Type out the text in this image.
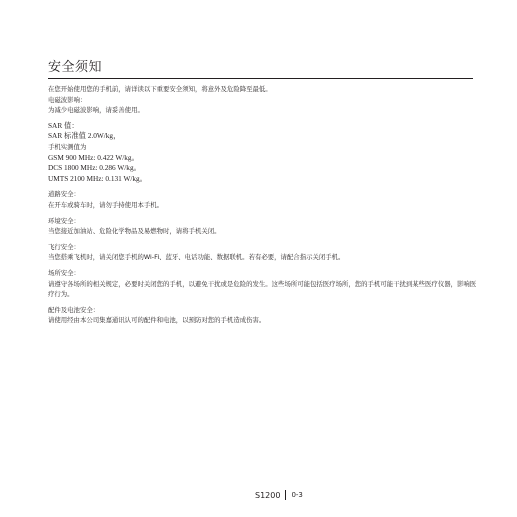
安全须知

在您开始使用您的手机前，请详读以下重要安全须知，将意外及危险降至最低。

电磁波影响：

为减少电磁波影响，请妥善使用。

SAR 值：

SAR 标准值 2.0W/kg，

手机实测值为

GSM 900 MHz: 0.422 W/kg。

DCS 1800 MHz: 0.286 W/kg。

UMTS 2100 MHz: 0.131 W/kg。

道路安全：

在开车或骑车时，请勿手持使用本手机。

环境安全：

当您接近加油站、危险化学物品及易燃物时，请将手机关闭。

飞行安全：

当您搭乘飞机时，请关闭您手机的Wi-Fi、蓝牙、电话功能、数据联机。若有必要，请配合指示关闭手机。

场所安全：

请遵守各场所的相关规定，必要时关闭您的手机，以避免干扰或是危险的发生。这些场所可能包括医疗场所，您的手机可能干扰到某些医疗仪器，影响医疗行为。

配件及电池安全：

请使用经由本公司集嘉通讯认可的配件和电池，以预防对您的手机造成伤害。

S1200 0-3
